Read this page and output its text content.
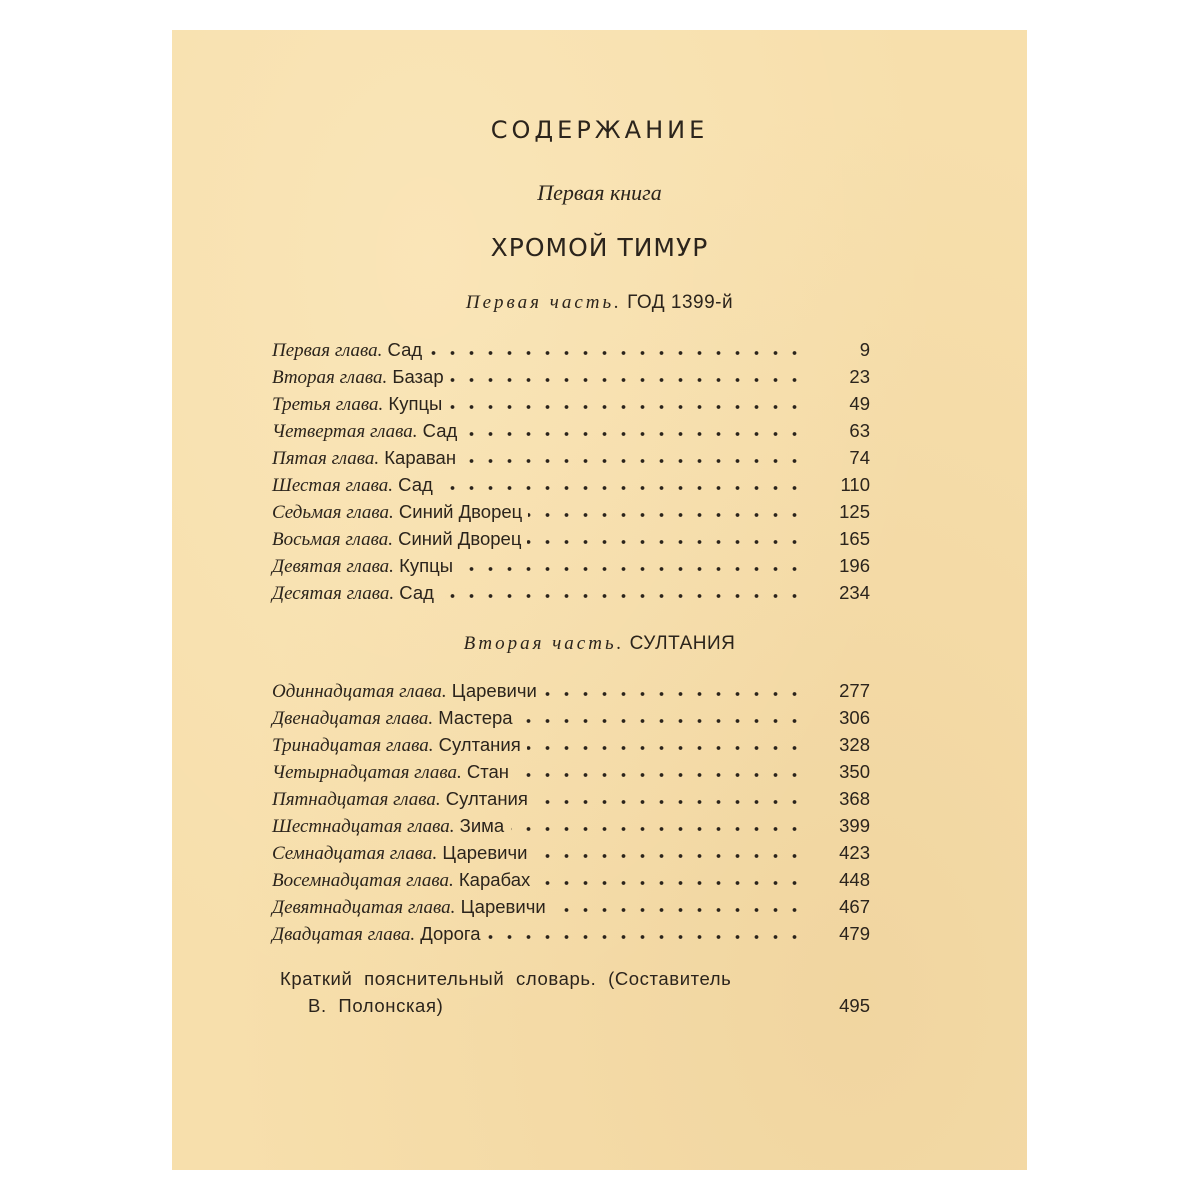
СОДЕРЖАНИЕ
Первая книга
ХРОМОЙ ТИМУР
Первая часть. ГОД 1399-й
Вторая часть. СУЛТАНИЯ
Краткий пояснительный словарь. (Составитель
В. Полонская)	495
Первая глава. Сад	9
Вторая глава. Базар	23
Третья глава. Купцы	49
Четвертая глава. Сад	63
Пятая глава. Караван	74
Шестая глава. Сад	110
Седьмая глава. Синий Дворец	125
Восьмая глава. Синий Дворец	165
Девятая глава. Купцы	196
Десятая глава. Сад	234
Одиннадцатая глава. Царевичи	277
Двенадцатая глава. Мастера	306
Тринадцатая глава. Султания	328
Четырнадцатая глава. Стан	350
Пятнадцатая глава. Султания	368
Шестнадцатая глава. Зима	399
Семнадцатая глава. Царевичи	423
Восемнадцатая глава. Карабах	448
Девятнадцатая глава. Царевичи	467
Двадцатая глава. Дорога	479
